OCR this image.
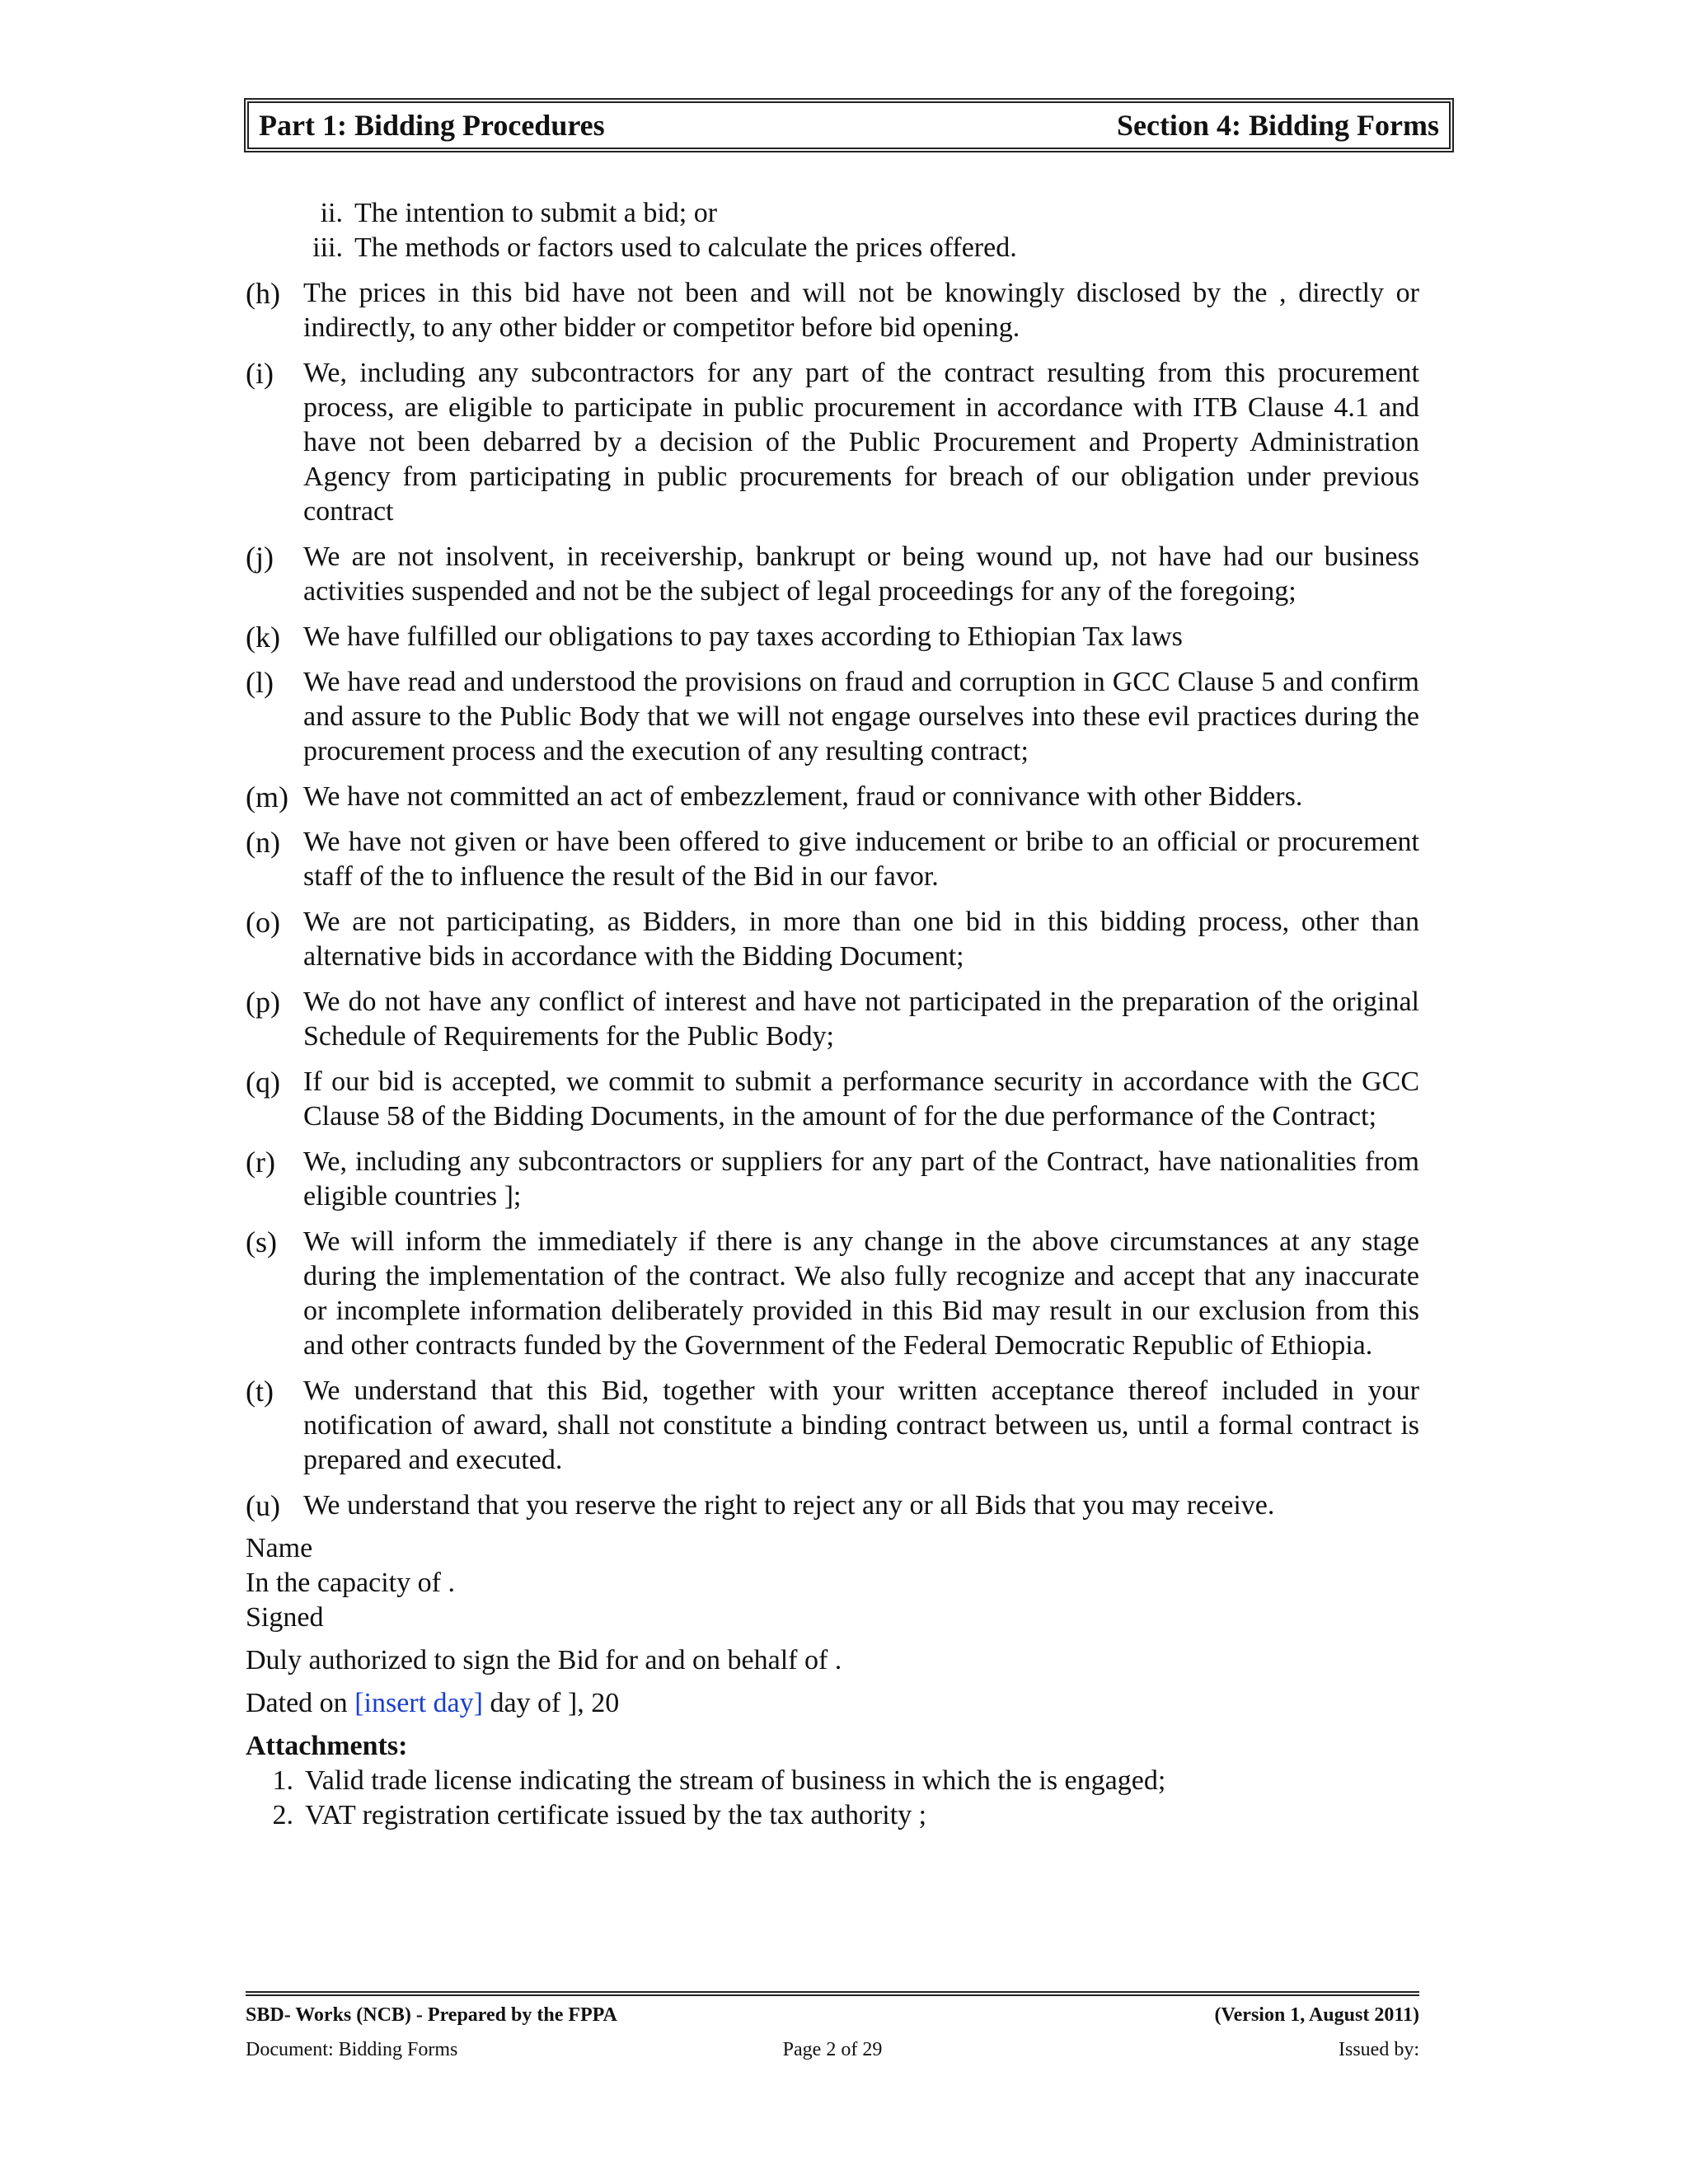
Part 1: Bidding Procedures	Section 4: Bidding Forms
ii. The intention to submit a bid; or
iii. The methods or factors used to calculate the prices offered.
(h) The prices in this bid have not been and will not be knowingly disclosed by the , directly or indirectly, to any other bidder or competitor before bid opening.
(i)	We, including any subcontractors for any part of the contract resulting from this procurement process, are eligible to participate in public procurement in accordance with ITB Clause 4.1 and have not been debarred by a decision of the Public Procurement and Property Administration Agency from participating in public procurements for breach of our obligation under previous contract
(j)	We are not insolvent, in receivership, bankrupt or being wound up, not have had our business activities suspended and not be the subject of legal proceedings for any of the foregoing;
(k) We have fulfilled our obligations to pay taxes according to Ethiopian Tax laws
(l)	We have read and understood the provisions on fraud and corruption in GCC Clause 5 and confirm and assure to the Public Body that we will not engage ourselves into these evil practices during the procurement process and the execution of any resulting contract;
(m) We have not committed an act of embezzlement, fraud or connivance with other Bidders.
(n) We have not given or have been offered to give inducement or bribe to an official or procurement staff of the to influence the result of the Bid in our favor.
(o) We are not participating, as Bidders, in more than one bid in this bidding process, other than alternative bids in accordance with the Bidding Document;
(p) We do not have any conflict of interest and have not participated in the preparation of the original Schedule of Requirements for the Public Body;
(q) If our bid is accepted, we commit to submit a performance security in accordance with the GCC Clause 58 of the Bidding Documents, in the amount of for the due performance of the Contract;
(r)	We, including any subcontractors or suppliers for any part of the Contract, have nationalities from eligible countries ];
(s) We will inform the immediately if there is any change in the above circumstances at any stage during the implementation of the contract. We also fully recognize and accept that any inaccurate or incomplete information deliberately provided in this Bid may result in our exclusion from this and other contracts funded by the Government of the Federal Democratic Republic of Ethiopia.
(t)	We understand that this Bid, together with your written acceptance thereof included in your notification of award, shall not constitute a binding contract between us, until a formal contract is prepared and executed.
(u) We understand that you reserve the right to reject any or all Bids that you may receive.
Name
In the capacity of .
Signed
Duly authorized to sign the Bid for and on behalf of .
Dated on [insert day] day of ], 20
Attachments:
1. Valid trade license indicating the stream of business in which the is engaged;
2. VAT registration certificate issued by the tax authority ;
SBD- Works (NCB) - Prepared by the FPPA	(Version 1, August 2011)
Document: Bidding Forms	Page 2 of 29	Issued by:
